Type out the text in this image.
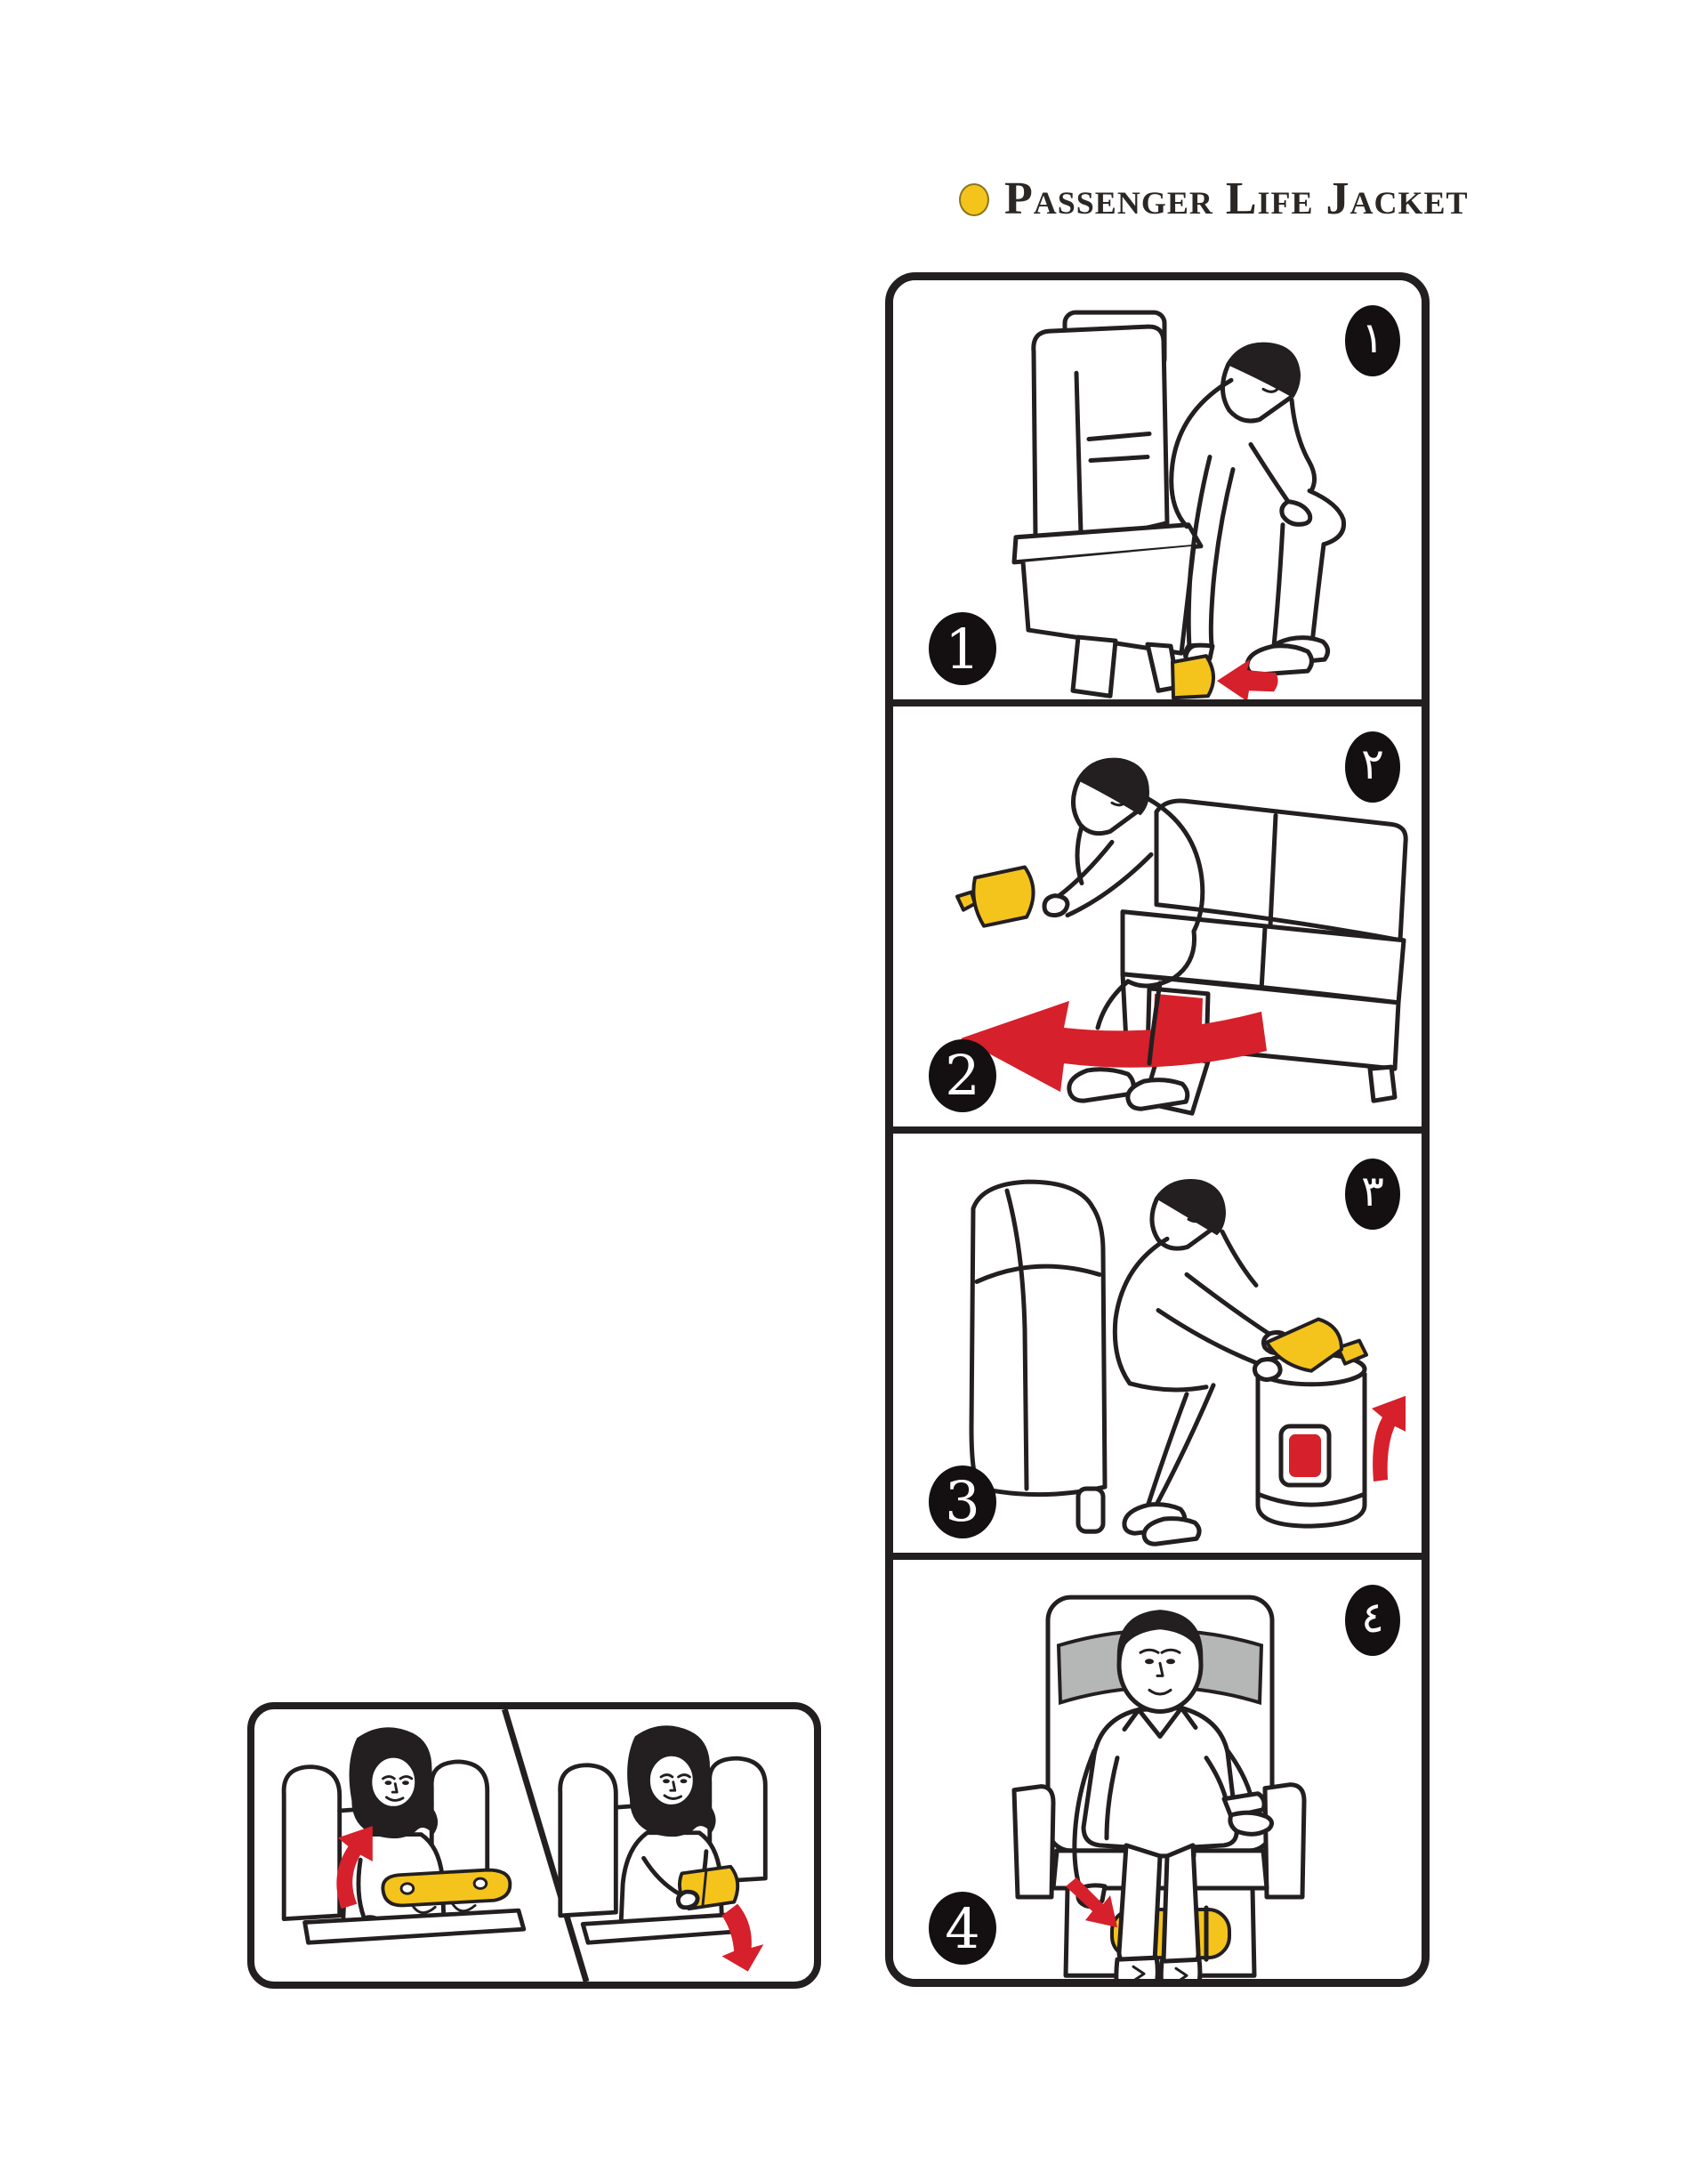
Passenger Life Jacket
١
1
٢
2
٣
3
٤
4
